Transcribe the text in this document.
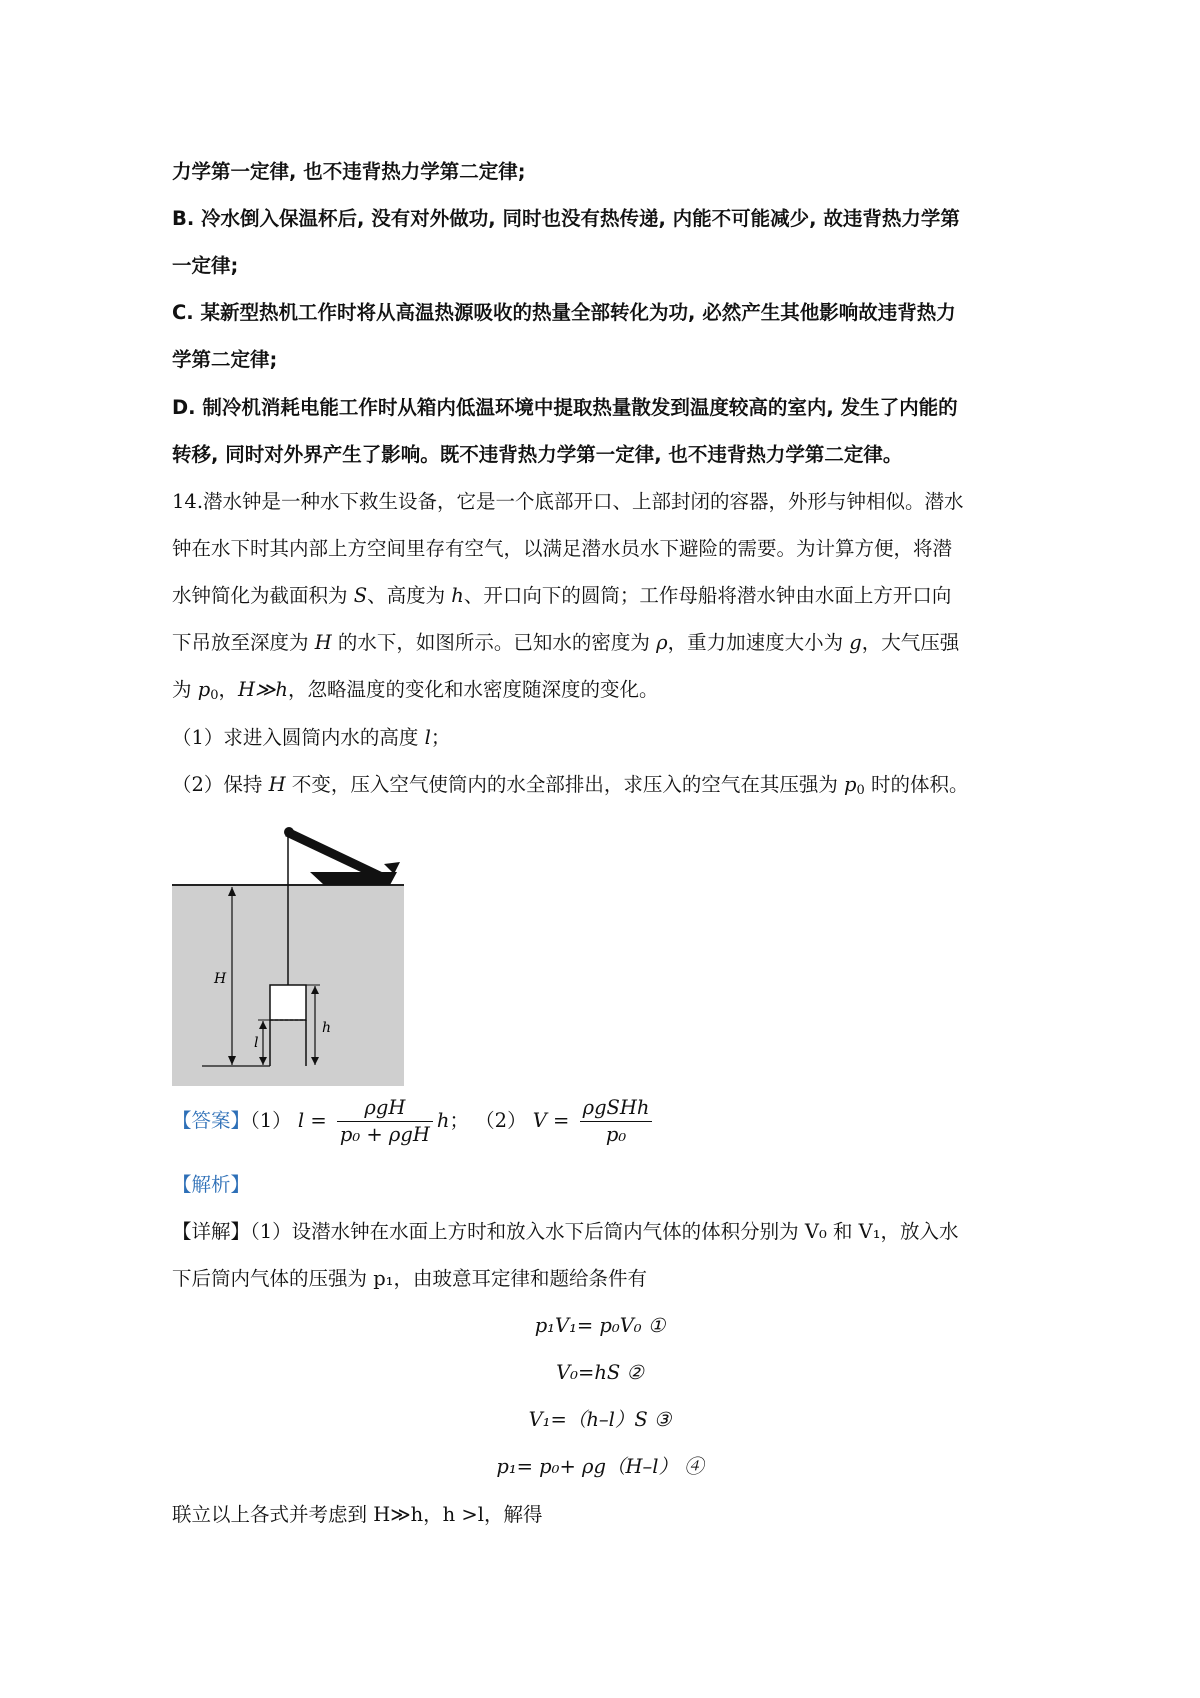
力学第一定律, 也不违背热力学第二定律;
B. 冷水倒入保温杯后, 没有对外做功, 同时也没有热传递, 内能不可能减少, 故违背热力学第
一定律;
C. 某新型热机工作时将从高温热源吸收的热量全部转化为功, 必然产生其他影响故违背热力
学第二定律;
D. 制冷机消耗电能工作时从箱内低温环境中提取热量散发到温度较高的室内, 发生了内能的
转移, 同时对外界产生了影响。既不违背热力学第一定律, 也不违背热力学第二定律。
14.潜水钟是一种水下救生设备，它是一个底部开口、上部封闭的容器，外形与钟相似。潜水
钟在水下时其内部上方空间里存有空气，以满足潜水员水下避险的需要。为计算方便，将潜
水钟简化为截面积为 S、高度为 h、开口向下的圆筒；工作母船将潜水钟由水面上方开口向
下吊放至深度为 H 的水下，如图所示。已知水的密度为 ρ，重力加速度大小为 g，大气压强
为 $p_0$，H≫h，忽略温度的变化和水密度随深度的变化。
（1）求进入圆筒内水的高度 l；
（2）保持 H 不变，压入空气使筒内的水全部排出，求压入的空气在其压强为 $p_0$ 时的体积。
H
h
l
【答案】（1） $l = \frac{\text{ρgH}}{\text{p₀ + ρgH}}$ h； （2） $V = \frac{\text{ρgSHh}}{\text{p₀}}$
【解析】
【详解】（1）设潜水钟在水面上方时和放入水下后筒内气体的体积分别为 V₀ 和 V₁，放入水
下后筒内气体的压强为 p₁，由玻意耳定律和题给条件有
p₁V₁= p₀V₀ ①
V₀=hS ②
V₁=（h–l）S ③
p₁= p₀+ ρg（H–l） ④
联立以上各式并考虑到 H≫h，h >l，解得
